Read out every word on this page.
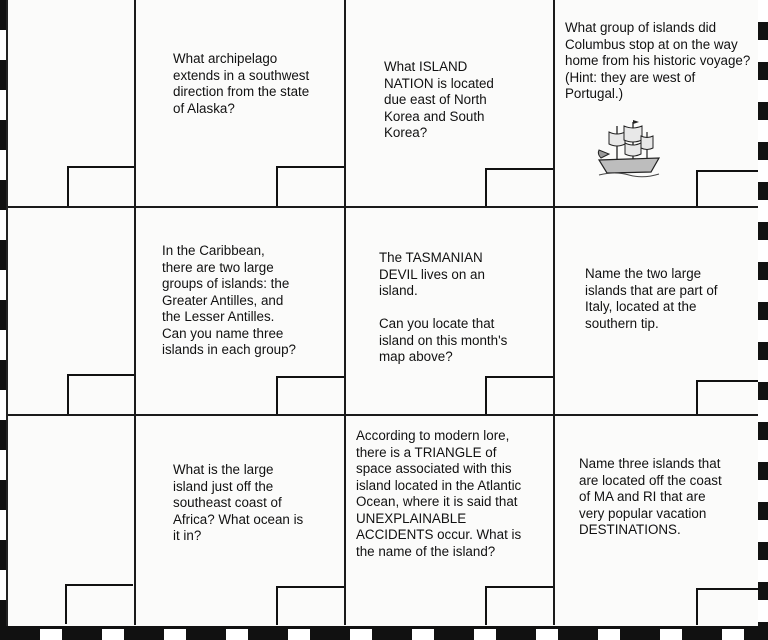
What archipelago
extends in a southwest
direction from the state
of Alaska?
What ISLAND
NATION is located
due east of North
Korea and South
Korea?
What group of islands did
Columbus stop at on the way
home from his historic voyage?
(Hint: they are west of
Portugal.)
In the Caribbean,
there are two large
groups of islands: the
Greater Antilles, and
the Lesser Antilles.
Can you name three
islands in each group?
The TASMANIAN
DEVIL lives on an
island.

Can you locate that
island on this month's
map above?
Name the two large
islands that are part of
Italy, located at the
southern tip.
What is the large
island just off the
southeast coast of
Africa? What ocean is
it in?
According to modern lore,
there is a TRIANGLE of
space associated with this
island located in the Atlantic
Ocean, where it is said that
UNEXPLAINABLE
ACCIDENTS occur. What is
the name of the island?
Name three islands that
are located off the coast
of MA and RI that are
very popular vacation
DESTINATIONS.
